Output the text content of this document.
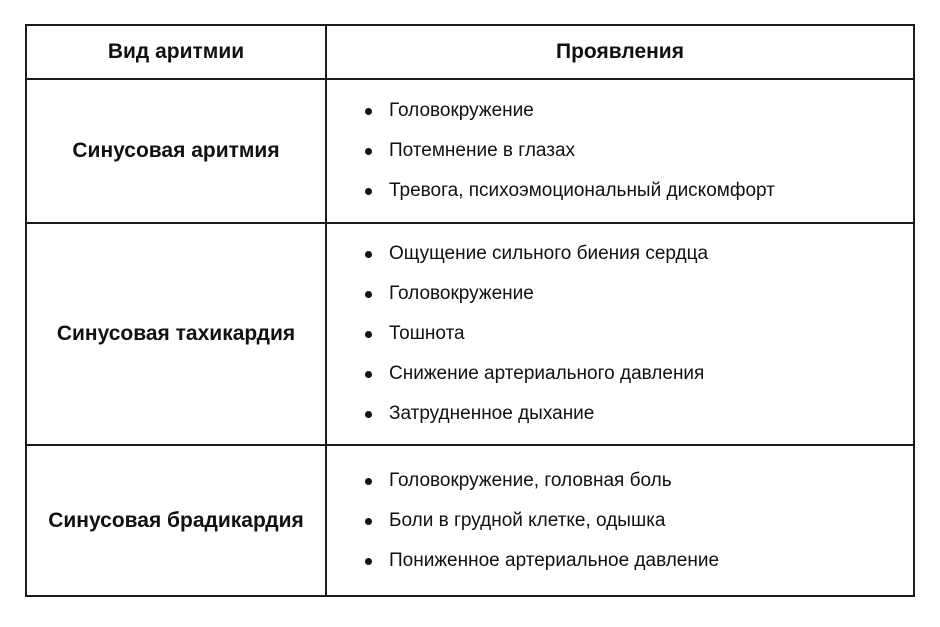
Вид аритмии	Проявления
Синусовая аритмия
Головокружение
Потемнение в глазах
Тревога, психоэмоциональный дискомфорт
Синусовая тахикардия
Ощущение сильного биения сердца
Головокружение
Тошнота
Снижение артериального давления
Затрудненное дыхание
Синусовая брадикардия
Головокружение, головная боль
Боли в грудной клетке, одышка
Пониженное артериальное давление
